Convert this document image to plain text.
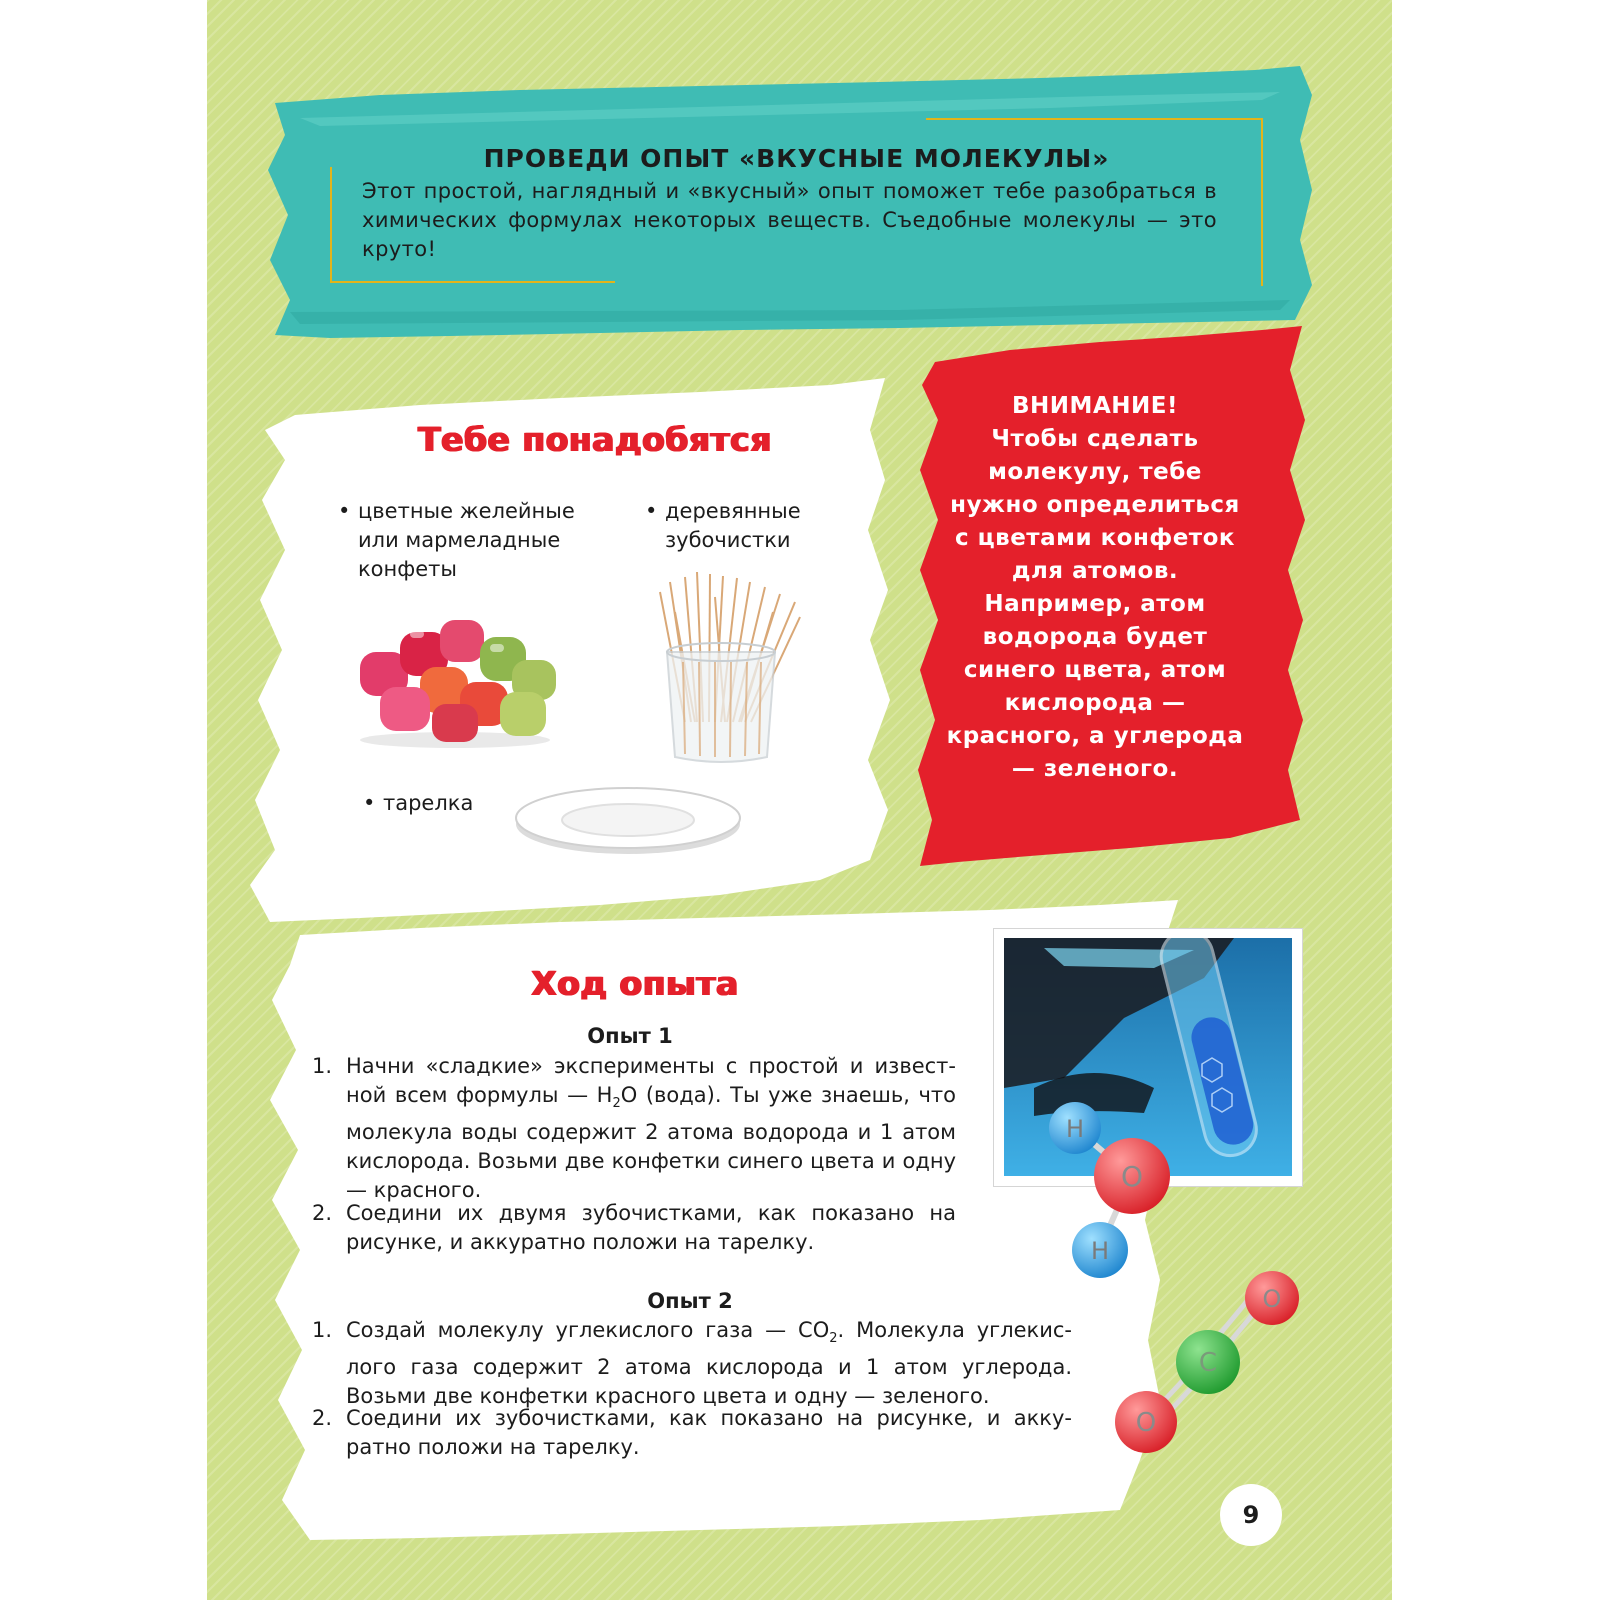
ПРОВЕДИ ОПЫТ «ВКУСНЫЕ МОЛЕКУЛЫ»
Этот простой, наглядный и «вкусный» опыт поможет тебе разобраться в химических формулах некоторых веществ. Съедобные молекулы — это круто!
Тебе понадобятся
• цветные желейные или мармеладные конфеты
• деревянные зубочистки
• тарелка
ВНИМАНИЕ!
Чтобы сделать молекулу, тебе нужно определиться с цветами конфеток для атомов. Например, атом водорода будет синего цвета, атом кислорода — красного, а углерода — зеленого.
Ход опыта
Опыт 1
1. Начни «сладкие» эксперименты с простой и известной всем формулы — $H_2O$ (вода). Ты уже знаешь, что молекула воды содержит 2 атома водорода и 1 атом кислорода. Возьми две конфетки синего цвета и одну — красного.
2. Соедини их двумя зубочистками, как показано на рисунке, и аккуратно положи на тарелку.
Опыт 2
1. Создай молекулу углекислого газа — $CO_2$. Молекула углекислого газа содержит 2 атома кислорода и 1 атом углерода. Возьми две конфетки красного цвета и одну — зеленого.
2. Соедини их зубочистками, как показано на рисунке, и аккуратно положи на тарелку.
H
O
H
O
C
O
9
